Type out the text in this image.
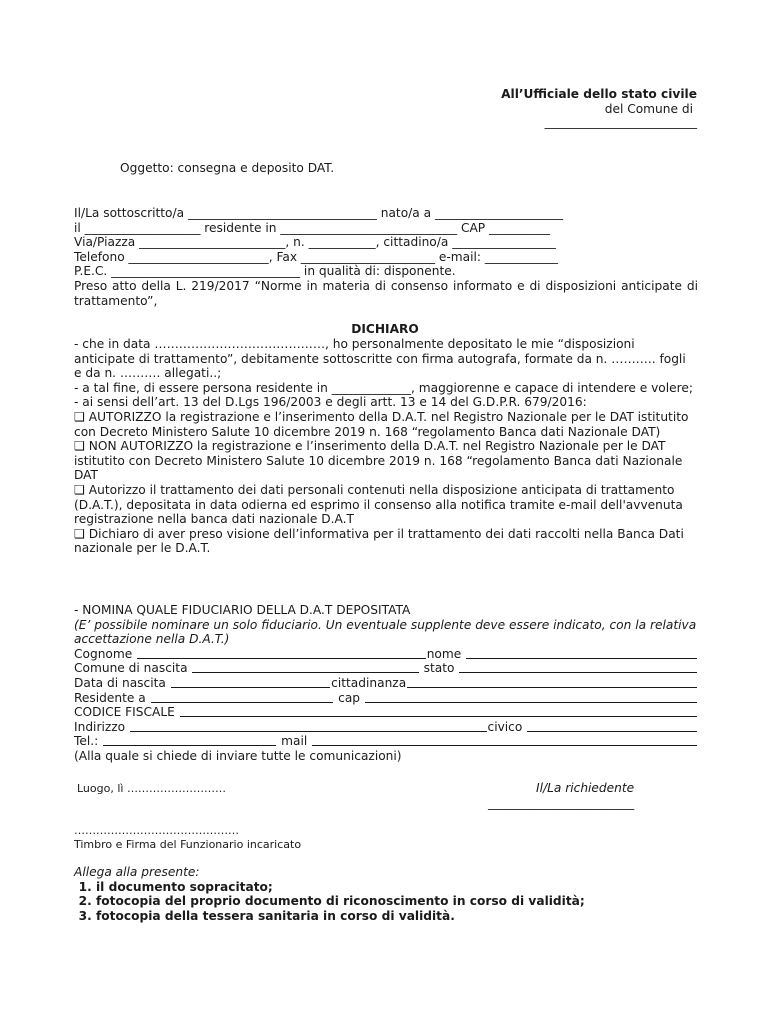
All’Ufficiale dello stato civile
del Comune di
_________________________
Oggetto: consegna e deposito DAT.
Il/La sottoscritto/a _______________________________ nato/a a _____________________
il ___________________ residente in _____________________________ CAP __________
Via/Piazza ________________________, n. ___________, cittadino/a _________________
Telefono _______________________, Fax ______________________ e-mail: ____________
P.E.C. _______________________________ in qualità di: disponente.

Preso atto della L. 219/2017 “Norme in materia di consenso informato e di disposizioni anticipate di trattamento”,

DICHIARO

- che in data ……………………………………, ho personalmente depositato le mie “disposizioni anticipate di trattamento”, debitamente sottoscritte con firma autografa, formate da n. ……….. fogli e da n. ………. allegati..;

- a tal fine, di essere persona residente in _____________, maggiorenne e capace di intendere e volere;

- ai sensi dell’art. 13 del D.Lgs 196/2003 e degli artt. 13 e 14 del G.D.P.R. 679/2016:

❑ AUTORIZZO la registrazione e l’inserimento della D.A.T. nel Registro Nazionale per le DAT istitutito con Decreto Ministero Salute 10 dicembre 2019 n. 168 “regolamento Banca dati Nazionale DAT)

❑ NON AUTORIZZO la registrazione e l’inserimento della D.A.T. nel Registro Nazionale per le DAT istitutito con Decreto Ministero Salute 10 dicembre 2019 n. 168 “regolamento Banca dati Nazionale DAT

❑ Autorizzo il trattamento dei dati personali contenuti nella disposizione anticipata di trattamento (D.A.T.), depositata in data odierna ed esprimo il consenso alla notifica tramite e-mail dell'avvenuta registrazione nella banca dati nazionale D.A.T

❑ Dichiaro di aver preso visione dell’informativa per il trattamento dei dati raccolti nella Banca Dati nazionale per le D.A.T.

- NOMINA QUALE FIDUCIARIO DELLA D.A.T DEPOSITATA

(E’ possibile nominare un solo fiduciario. Un eventuale supplente deve essere indicato, con la relativa accettazione nella D.A.T.)

Cognome	nome
Comune di nascita	stato
Data di nascita	cittadinanza
Residente a	cap
CODICE FISCALE
Indirizzo	civico
Tel.:	mail
(Alla quale si chiede di inviare tutte le comunicazioni)
Luogo, lì ………………………	Il/La richiedente
________________________
………………………………………
Timbro e Firma del Funzionario incaricato
Allega alla presente:
1. il documento sopracitato;
2. fotocopia del proprio documento di riconoscimento in corso di validità;
3. fotocopia della tessera sanitaria in corso di validità.
